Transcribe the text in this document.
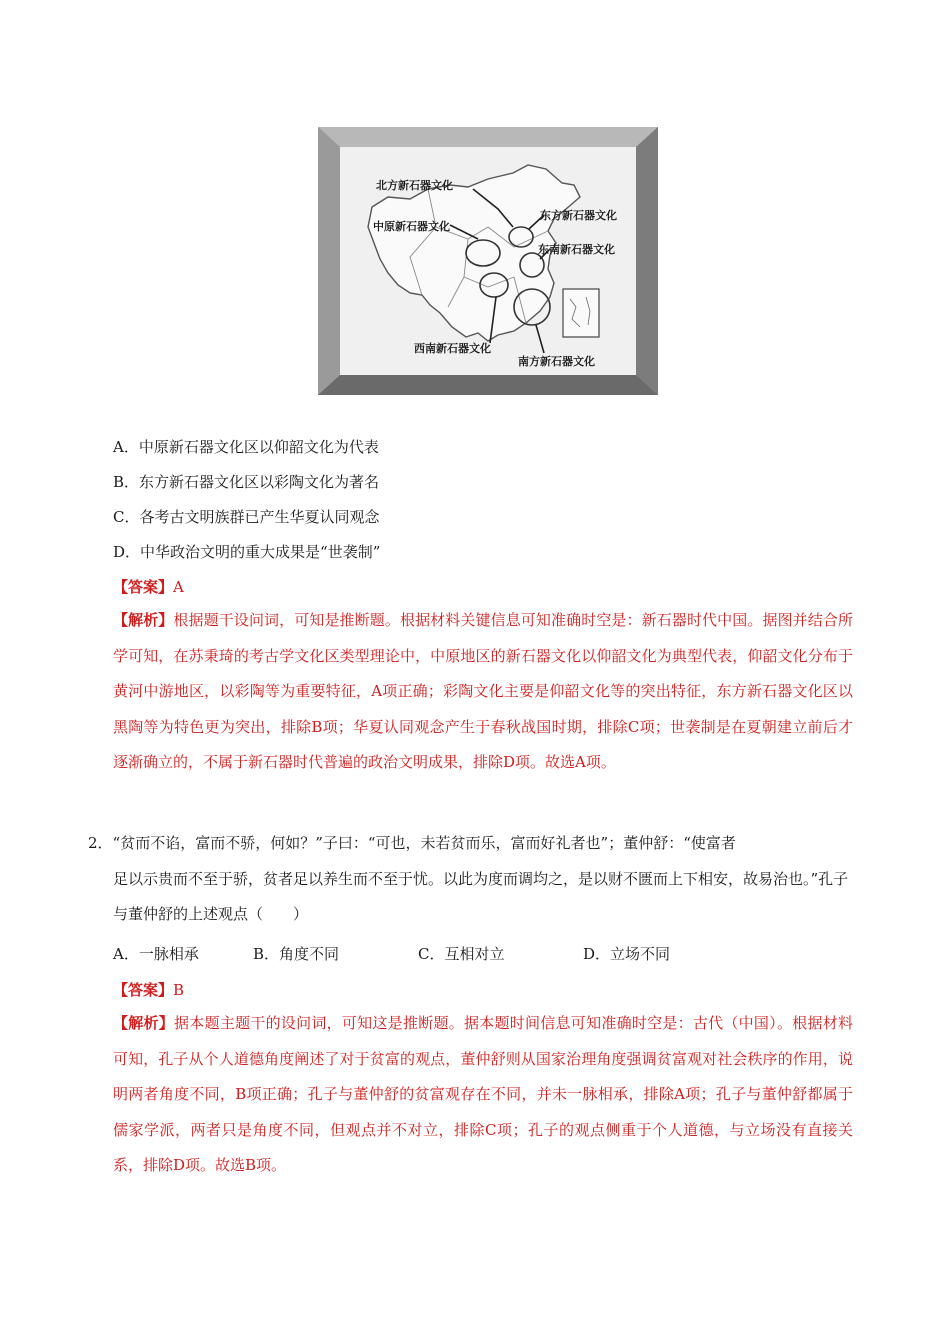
北方新石器文化
中原新石器文化
东方新石器文化
东南新石器文化
西南新石器文化
南方新石器文化
A．中原新石器文化区以仰韶文化为代表
B．东方新石器文化区以彩陶文化为著名
C．各考古文明族群已产生华夏认同观念
D．中华政治文明的重大成果是“世袭制”
【答案】A
【解析】根据题干设问词，可知是推断题。根据材料关键信息可知准确时空是：新石器时代中国。据图并结合所学可知，在苏秉琦的考古学文化区类型理论中，中原地区的新石器文化以仰韶文化为典型代表，仰韶文化分布于黄河中游地区，以彩陶等为重要特征，A项正确；彩陶文化主要是仰韶文化等的突出特征，东方新石器文化区以黑陶等为特色更为突出，排除B项；华夏认同观念产生于春秋战国时期，排除C项；世袭制是在夏朝建立前后才逐渐确立的，不属于新石器时代普遍的政治文明成果，排除D项。故选A项。
2．“贫而不谄，富而不骄，何如？”子曰：“可也，未若贫而乐，富而好礼者也”；董仲舒：“使富者
足以示贵而不至于骄，贫者足以养生而不至于忧。以此为度而调均之，是以财不匮而上下相安，故易治也。”孔子与董仲舒的上述观点（　　）
A．一脉相承	B．角度不同	C．互相对立	D．立场不同
【答案】B
【解析】据本题主题干的设问词，可知这是推断题。据本题时间信息可知准确时空是：古代（中国）。根据材料可知，孔子从个人道德角度阐述了对于贫富的观点，董仲舒则从国家治理角度强调贫富观对社会秩序的作用，说明两者角度不同，B项正确；孔子与董仲舒的贫富观存在不同，并未一脉相承，排除A项；孔子与董仲舒都属于儒家学派，两者只是角度不同，但观点并不对立，排除C项；孔子的观点侧重于个人道德，与立场没有直接关系，排除D项。故选B项。
